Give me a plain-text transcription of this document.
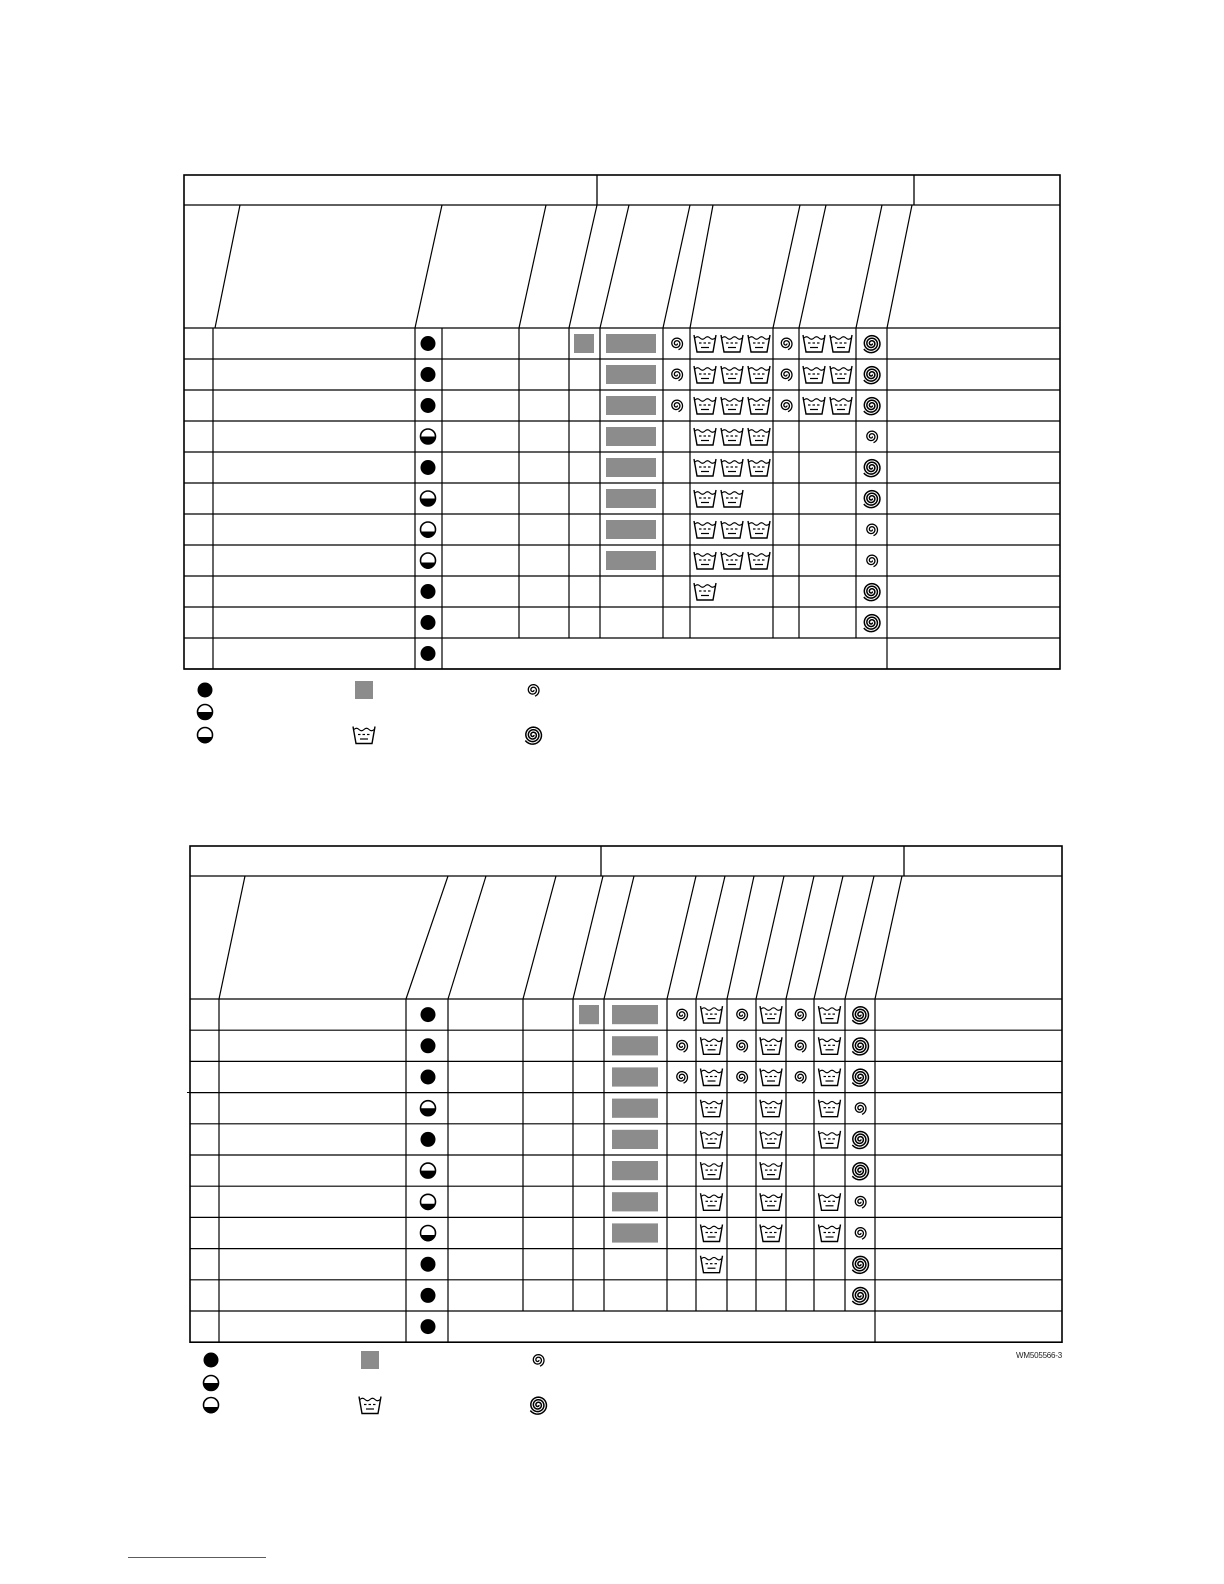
WM505566-3
